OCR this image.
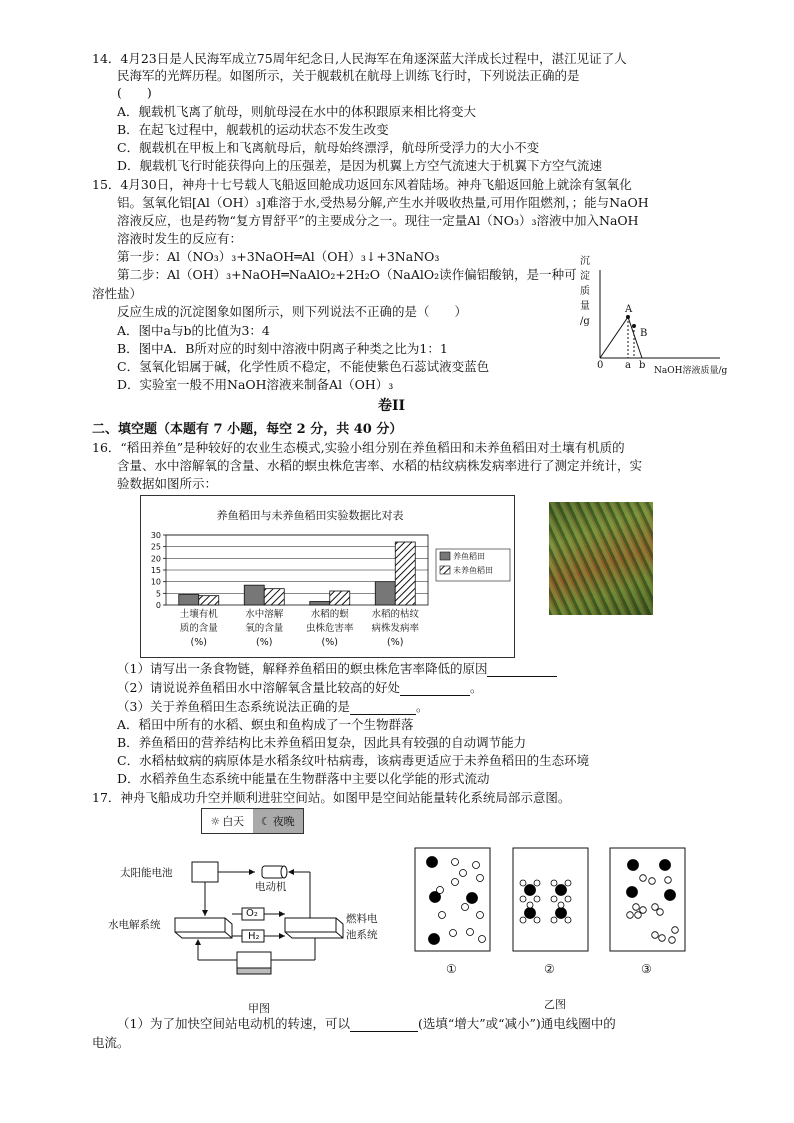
14．4月23日是人民海军成立75周年纪念日,人民海军在角逐深蓝大洋成长过程中，湛江见证了人
民海军的光辉历程。如图所示，关于舰载机在航母上训练飞行时，下列说法正确的是
(　　)
A．舰载机飞离了航母，则航母浸在水中的体积跟原来相比将变大
B．在起飞过程中，舰载机的运动状态不发生改变
C．舰载机在甲板上和飞离航母后，航母始终漂浮，航母所受浮力的大小不变
D．舰载机飞行时能获得向上的压强差，是因为机翼上方空气流速大于机翼下方空气流速
15．4月30日，神舟十七号载人飞船返回舱成功返回东风着陆场。神舟飞船返回舱上就涂有氢氧化
铝。氢氧化铝[Al（OH）₃]难溶于水,受热易分解,产生水并吸收热量,可用作阻燃剂，；能与NaOH
溶液反应，也是药物“复方胃舒平”的主要成分之一。现往一定量Al（NO₃）₃溶液中加入NaOH
溶液时发生的反应有：
第一步：Al（NO₃）₃+3NaOH═Al（OH）₃↓+3NaNO₃
第二步：Al（OH）₃+NaOH═NaAlO₂+2H₂O（NaAlO₂读作偏铝酸钠，是一种可
溶性盐）
反应生成的沉淀图象如图所示，则下列说法不正确的是（　　）
A．图中a与b的比值为3：4
B．图中A．B所对应的时刻中溶液中阴离子种类之比为1：1
C．氢氧化铝属于碱，化学性质不稳定，不能使紫色石蕊试液变蓝色
D．实验室一般不用NaOH溶液来制备Al（OH）₃
沉
淀
质
量
/g
0 a b NaOH溶液质量/g
A
B
卷II
二、填空题（本题有 7 小题，每空 2 分，共 40 分）
16．“稻田养鱼”是种较好的农业生态模式,实验小组分别在养鱼稻田和未养鱼稻田对土壤有机质的
含量、水中溶解氧的含量、水稻的螟虫株危害率、水稻的枯纹病株发病率进行了测定并统计，实
验数据如图所示：
养鱼稻田与未养鱼稻田实验数据比对表
0
5
10
15
20
25
30
土壤有机
质的含量
(%)
水中溶解
氧的含量
(%)
水稻的螟
虫株危害率
(%)
水稻的枯纹
病株发病率
(%)
养鱼稻田
未养鱼稻田
（1）请写出一条食物链，解释养鱼稻田的螟虫株危害率降低的原因
（2）请说说养鱼稻田水中溶解氧含量比较高的好处	。
（3）关于养鱼稻田生态系统说法正确的是	。
A．稻田中所有的水稻、螟虫和鱼构成了一个生物群落
B．养鱼稻田的营养结构比未养鱼稻田复杂，因此具有较强的自动调节能力
C．水稻枯蚊病的病原体是水稻条纹叶枯病毒，该病毒更适应于未养鱼稻田的生态环境
D．水稻养鱼生态系统中能量在生物群落中主要以化学能的形式流动
17．神舟飞船成功升空并顺利进驻空间站。如图甲是空间站能量转化系统局部示意图。
☼ 白天 ☾ 夜晚
太阳能电池
电动机
水电解系统	燃料电
池系统
O₂
H₂
①	②	③
甲图	乙图
（1）为了加快空间站电动机的转速，可以	(选填“增大”或“减小”)通电线圈中的
电流。
